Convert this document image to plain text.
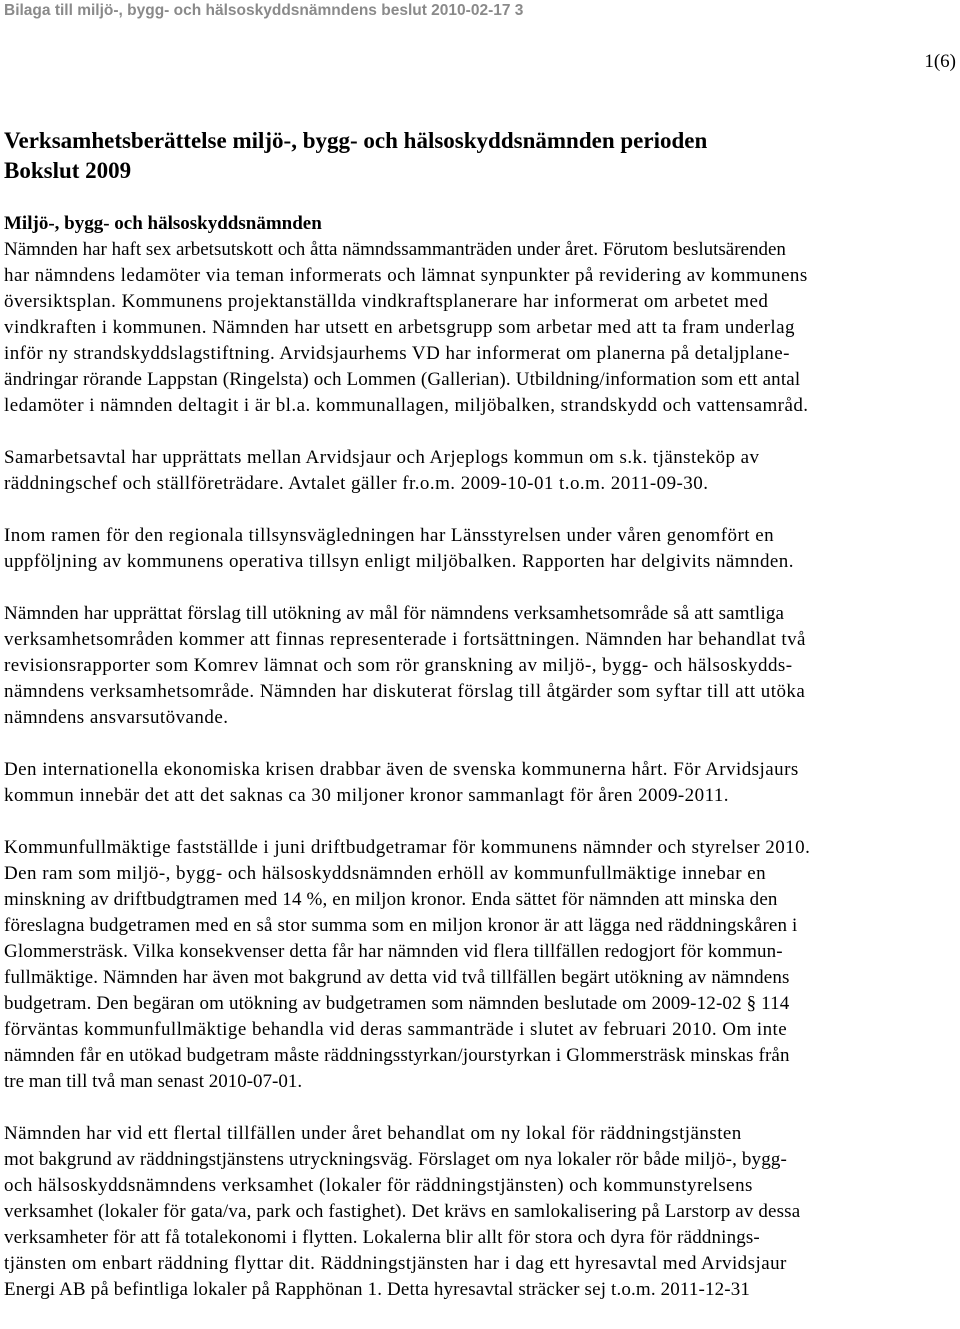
Bilaga till miljö-, bygg- och hälsoskyddsnämndens beslut 2010-02-17 3
1(6)
Verksamhetsberättelse miljö-, bygg- och hälsoskyddsnämnden perioden
Bokslut 2009
Miljö-, bygg- och hälsoskyddsnämnden
Nämnden har haft sex arbetsutskott och åtta nämndssammanträden under året. Förutom beslutsärenden
har nämndens ledamöter via teman informerats och lämnat synpunkter på revidering av kommunens
översiktsplan. Kommunens projektanställda vindkraftsplanerare har informerat om arbetet med
vindkraften i kommunen. Nämnden har utsett en arbetsgrupp som arbetar med att ta fram underlag
inför ny strandskyddslagstiftning. Arvidsjaurhems VD har informerat om planerna på detaljplane-
ändringar rörande Lappstan (Ringelsta) och Lommen (Gallerian). Utbildning/information som ett antal
ledamöter i nämnden deltagit i är bl.a. kommunallagen, miljöbalken, strandskydd och vattensamråd.
Samarbetsavtal har upprättats mellan Arvidsjaur och Arjeplogs kommun om s.k. tjänsteköp av
räddningschef och ställföreträdare. Avtalet gäller fr.o.m. 2009-10-01 t.o.m. 2011-09-30.
Inom ramen för den regionala tillsynsvägledningen har Länsstyrelsen under våren genomfört en
uppföljning av kommunens operativa tillsyn enligt miljöbalken. Rapporten har delgivits nämnden.
Nämnden har upprättat förslag till utökning av mål för nämndens verksamhetsområde så att samtliga
verksamhetsområden kommer att finnas representerade i fortsättningen. Nämnden har behandlat två
revisionsrapporter som Komrev lämnat och som rör granskning av miljö-, bygg- och hälsoskydds-
nämndens verksamhetsområde. Nämnden har diskuterat förslag till åtgärder som syftar till att utöka
nämndens ansvarsutövande.
Den internationella ekonomiska krisen drabbar även de svenska kommunerna hårt. För Arvidsjaurs
kommun innebär det att det saknas ca 30 miljoner kronor sammanlagt för åren 2009-2011.
Kommunfullmäktige fastställde i juni driftbudgetramar för kommunens nämnder och styrelser 2010.
Den ram som miljö-, bygg- och hälsoskyddsnämnden erhöll av kommunfullmäktige innebar en
minskning av driftbudgtramen med 14 %, en miljon kronor. Enda sättet för nämnden att minska den
föreslagna budgetramen med en så stor summa som en miljon kronor är att lägga ned räddningskåren i
Glommersträsk. Vilka konsekvenser detta får har nämnden vid flera tillfällen redogjort för kommun-
fullmäktige. Nämnden har även mot bakgrund av detta vid två tillfällen begärt utökning av nämndens
budgetram. Den begäran om utökning av budgetramen som nämnden beslutade om 2009-12-02 § 114
förväntas kommunfullmäktige behandla vid deras sammanträde i slutet av februari 2010. Om inte
nämnden får en utökad budgetram måste räddningsstyrkan/jourstyrkan i Glommersträsk minskas från
tre man till två man senast 2010-07-01.
Nämnden har vid ett flertal tillfällen under året behandlat om ny lokal för räddningstjänsten
mot bakgrund av räddningstjänstens utryckningsväg. Förslaget om nya lokaler rör både miljö-, bygg-
och hälsoskyddsnämndens verksamhet (lokaler för räddningstjänsten) och kommunstyrelsens
verksamhet (lokaler för gata/va, park och fastighet). Det krävs en samlokalisering på Larstorp av dessa
verksamheter för att få totalekonomi i flytten. Lokalerna blir allt för stora och dyra för räddnings-
tjänsten om enbart räddning flyttar dit. Räddningstjänsten har i dag ett hyresavtal med Arvidsjaur
Energi AB på befintliga lokaler på Rapphönan 1. Detta hyresavtal sträcker sej t.o.m. 2011-12-31
